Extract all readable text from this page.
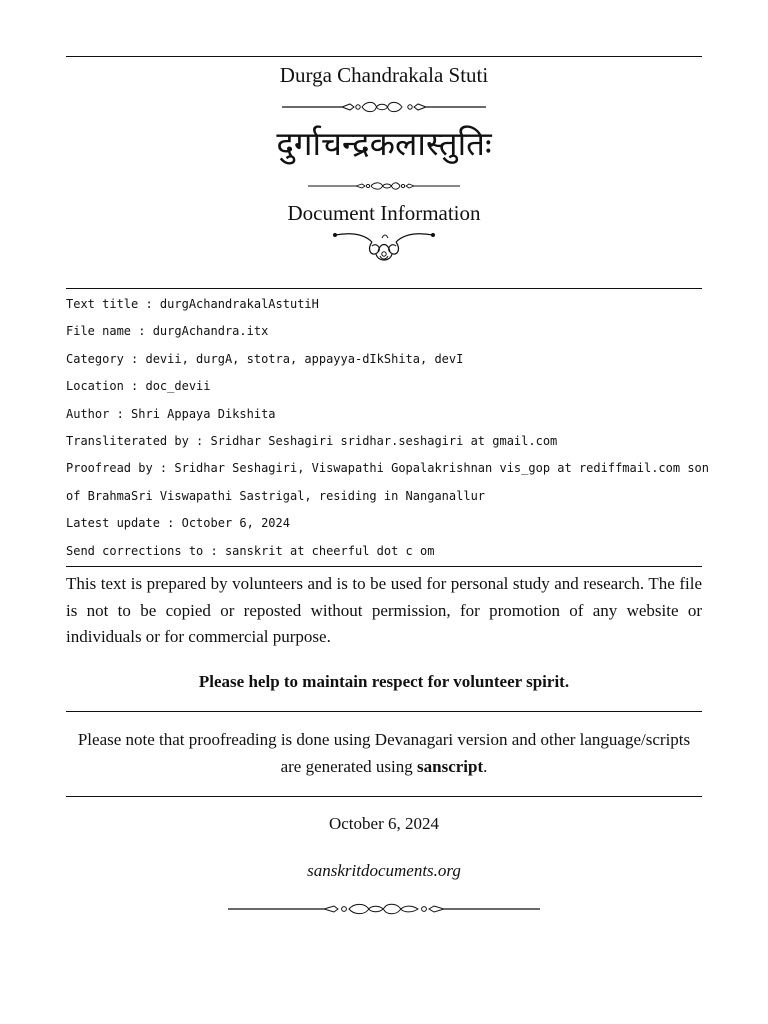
Durga Chandrakala Stuti
दुर्गाचन्द्रकलास्तुतिः
Document Information
Text title : durgAchandrakalAstutiH
File name : durgAchandra.itx
Category : devii, durgA, stotra, appayya-dIkShita, devI
Location : doc_devii
Author : Shri Appaya Dikshita
Transliterated by : Sridhar Seshagiri sridhar.seshagiri at gmail.com
Proofread by : Sridhar Seshagiri, Viswapathi Gopalakrishnan vis_gop at rediffmail.com son
of BrahmaSri Viswapathi Sastrigal, residing in Nanganallur
Latest update : October 6, 2024
Send corrections to : sanskrit at cheerful dot c om
This text is prepared by volunteers and is to be used for personal study and research. The file is not to be copied or reposted without permission, for promotion of any website or individuals or for commercial purpose.
Please help to maintain respect for volunteer spirit.
Please note that proofreading is done using Devanagari version and other language/scripts are generated using sanscript.
October 6, 2024
sanskritdocuments.org
